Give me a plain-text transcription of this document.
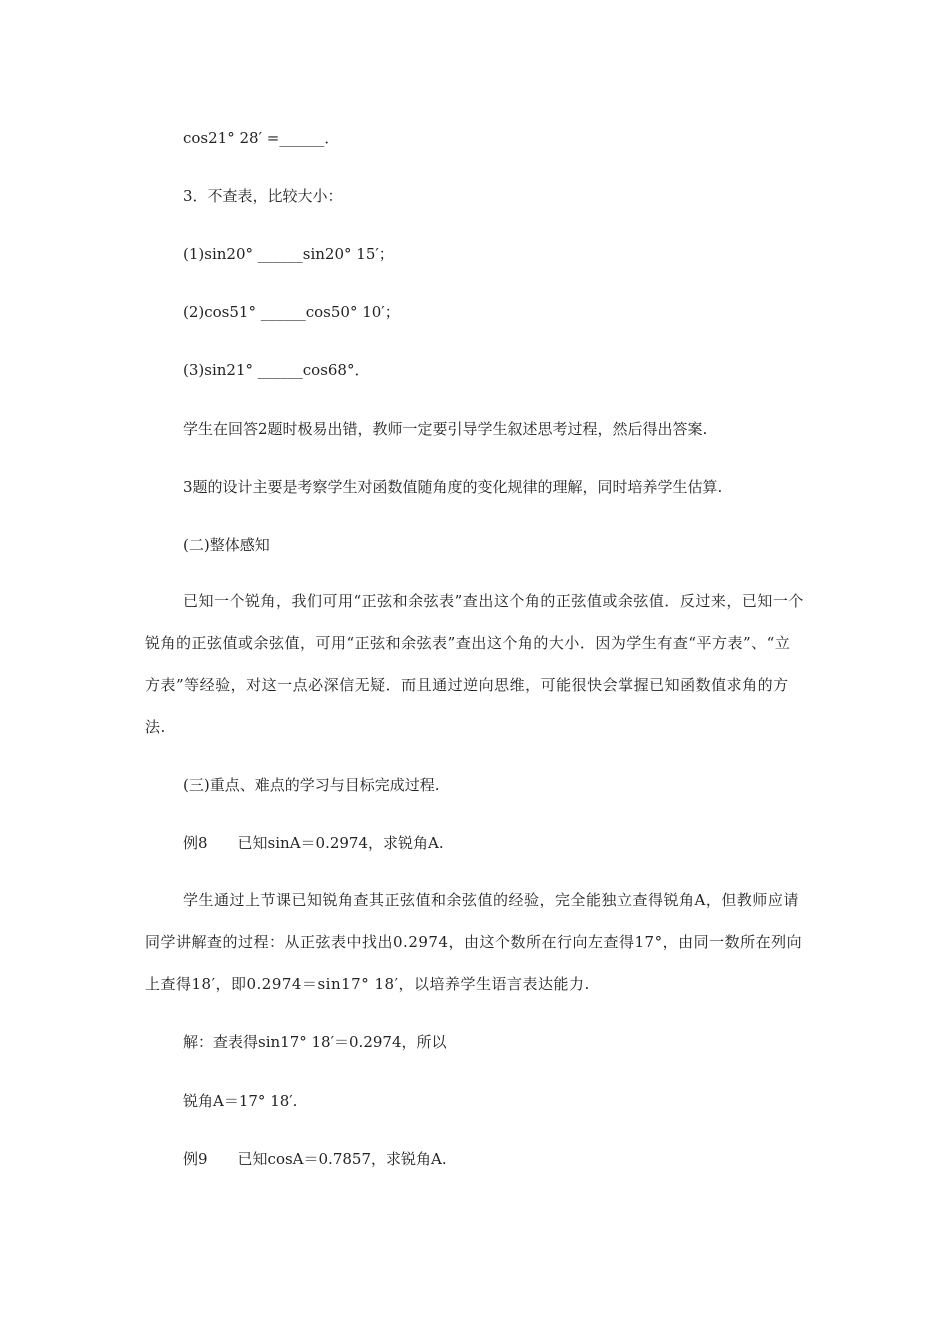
cos21° 28′ =______．
3．不查表，比较大小：
(1)sin20° ______sin20° 15′；
(2)cos51° ______cos50° 10′；
(3)sin21° ______cos68°．
学生在回答2题时极易出错，教师一定要引导学生叙述思考过程，然后得出答案.
3题的设计主要是考察学生对函数值随角度的变化规律的理解，同时培养学生估算.
(二)整体感知
已知一个锐角，我们可用“正弦和余弦表”查出这个角的正弦值或余弦值．反过来，已知一个锐角的正弦值或余弦值，可用“正弦和余弦表”查出这个角的大小．因为学生有查“平方表”、“立方表”等经验，对这一点必深信无疑．而且通过逆向思维，可能很快会掌握已知函数值求角的方法.
(三)重点、难点的学习与目标完成过程.
例8　　已知sinA＝0.2974，求锐角A.
学生通过上节课已知锐角查其正弦值和余弦值的经验，完全能独立查得锐角A，但教师应请同学讲解查的过程：从正弦表中找出0.2974，由这个数所在行向左查得17°，由同一数所在列向上查得18′，即0.2974＝sin17° 18′，以培养学生语言表达能力.
解：查表得sin17° 18′＝0.2974，所以
锐角A＝17° 18′.
例9　　已知cosA＝0.7857，求锐角A.
